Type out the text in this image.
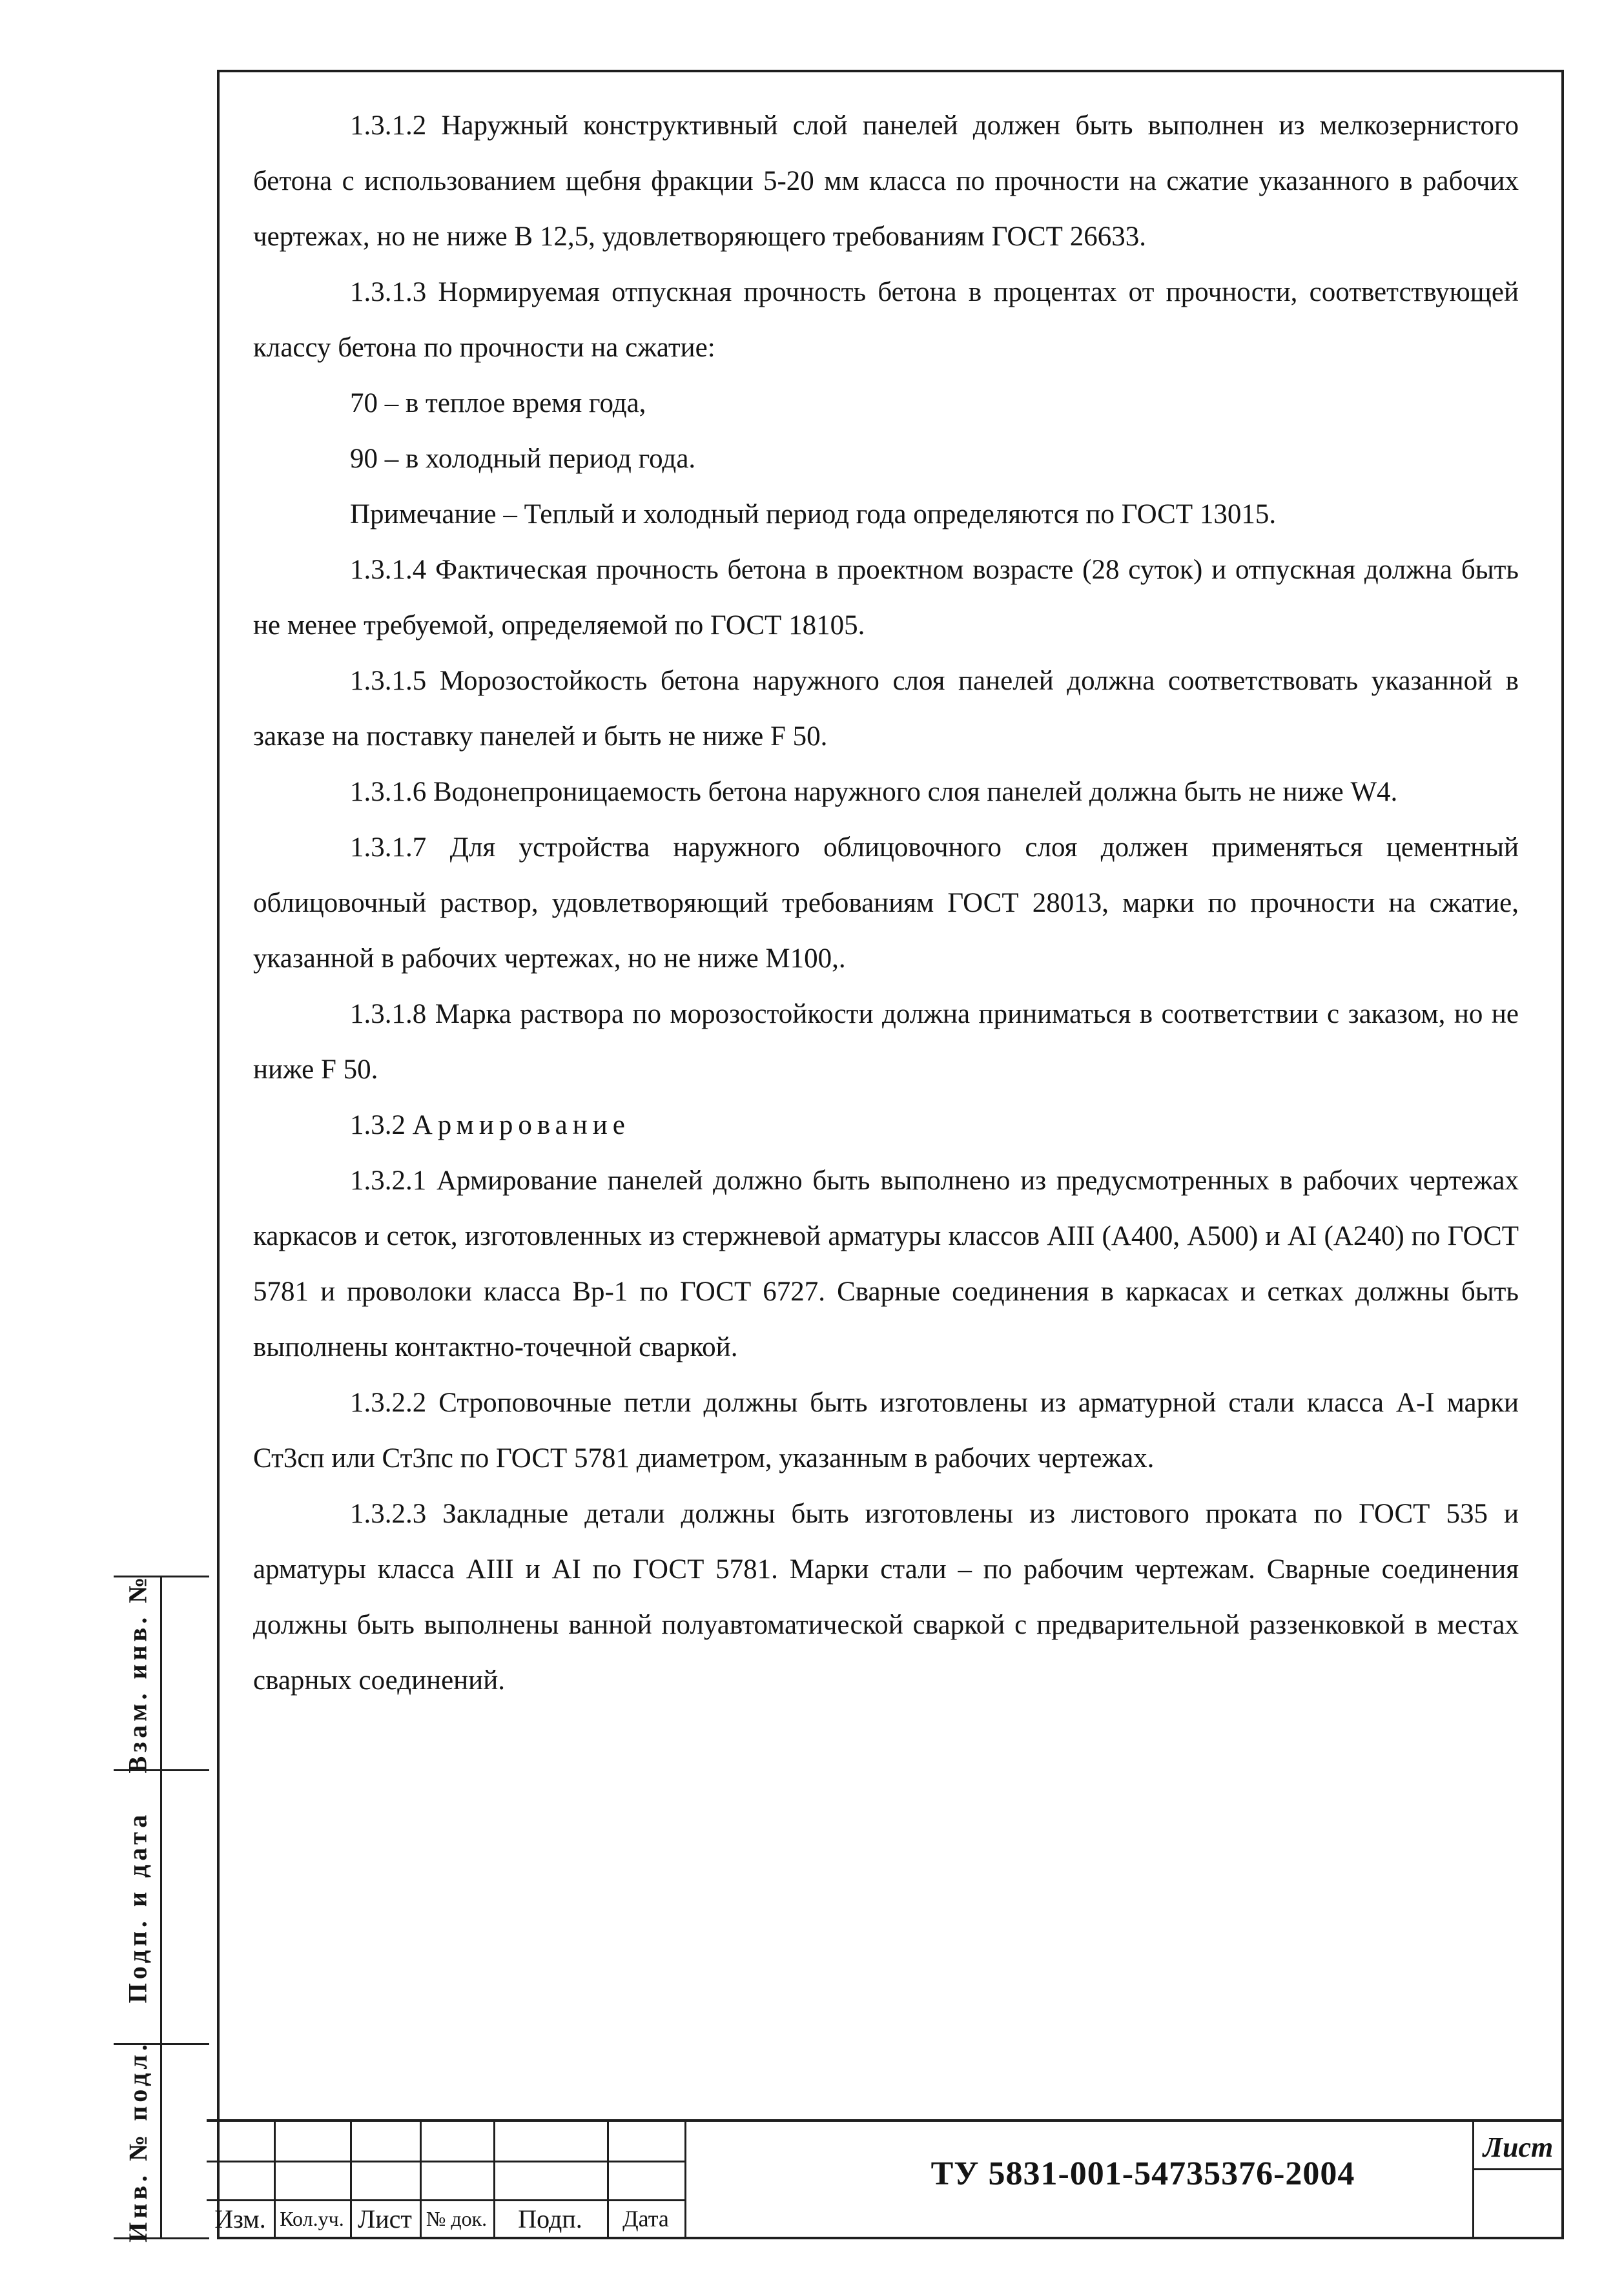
1.3.1.2 Наружный конструктивный слой панелей должен быть выполнен из мелкозернистого бетона с использованием щебня фракции 5-20 мм класса по прочности на сжатие указанного в рабочих чертежах, но не ниже В 12,5, удовлетворяющего требованиям ГОСТ 26633.

1.3.1.3 Нормируемая отпускная прочность бетона в процентах от прочности, соответствующей классу бетона по прочности на сжатие:

70 – в теплое время года,

90 – в холодный период года.

Примечание – Теплый и холодный период года определяются по ГОСТ 13015.

1.3.1.4 Фактическая прочность бетона в проектном возрасте (28 суток) и отпускная должна быть не менее требуемой, определяемой по ГОСТ 18105.

1.3.1.5 Морозостойкость бетона наружного слоя панелей должна соответствовать указанной в заказе на поставку панелей и быть не ниже F 50.

1.3.1.6 Водонепроницаемость бетона наружного слоя панелей должна быть не ниже W4.

1.3.1.7 Для устройства наружного облицовочного слоя должен применяться цементный облицовочный раствор, удовлетворяющий требованиям ГОСТ 28013, марки по прочности на сжатие, указанной в рабочих чертежах, но не ниже М100,.

1.3.1.8 Марка раствора по морозостойкости должна приниматься в соответствии с заказом, но не ниже F 50.

1.3.2 Армирование

1.3.2.1 Армирование панелей должно быть выполнено из предусмотренных в рабочих чертежах каркасов и сеток, изготовленных из стержневой арматуры классов АIII (А400, А500) и АI (А240) по ГОСТ 5781 и проволоки класса Вр-1 по ГОСТ 6727. Сварные соединения в каркасах и сетках должны быть выполнены контактно-точечной сваркой.

1.3.2.2 Строповочные петли должны быть изготовлены из арматурной стали класса А-I марки Ст3сп или Ст3пс по ГОСТ 5781 диаметром, указанным в рабочих чертежах.

1.3.2.3 Закладные детали должны быть изготовлены из листового проката по ГОСТ 535 и арматуры класса АIII и АI по ГОСТ 5781. Марки стали – по рабочим чертежам. Сварные соединения должны быть выполнены ванной полуавтоматической сваркой с предварительной раззенковкой в местах сварных соединений.

Изм. Кол.уч. Лист № док.	Подп.	Дата
ТУ 5831-001-54735376-2004
Лист
Взам. инв. №
Подп. и дата
Инв. № подл.
